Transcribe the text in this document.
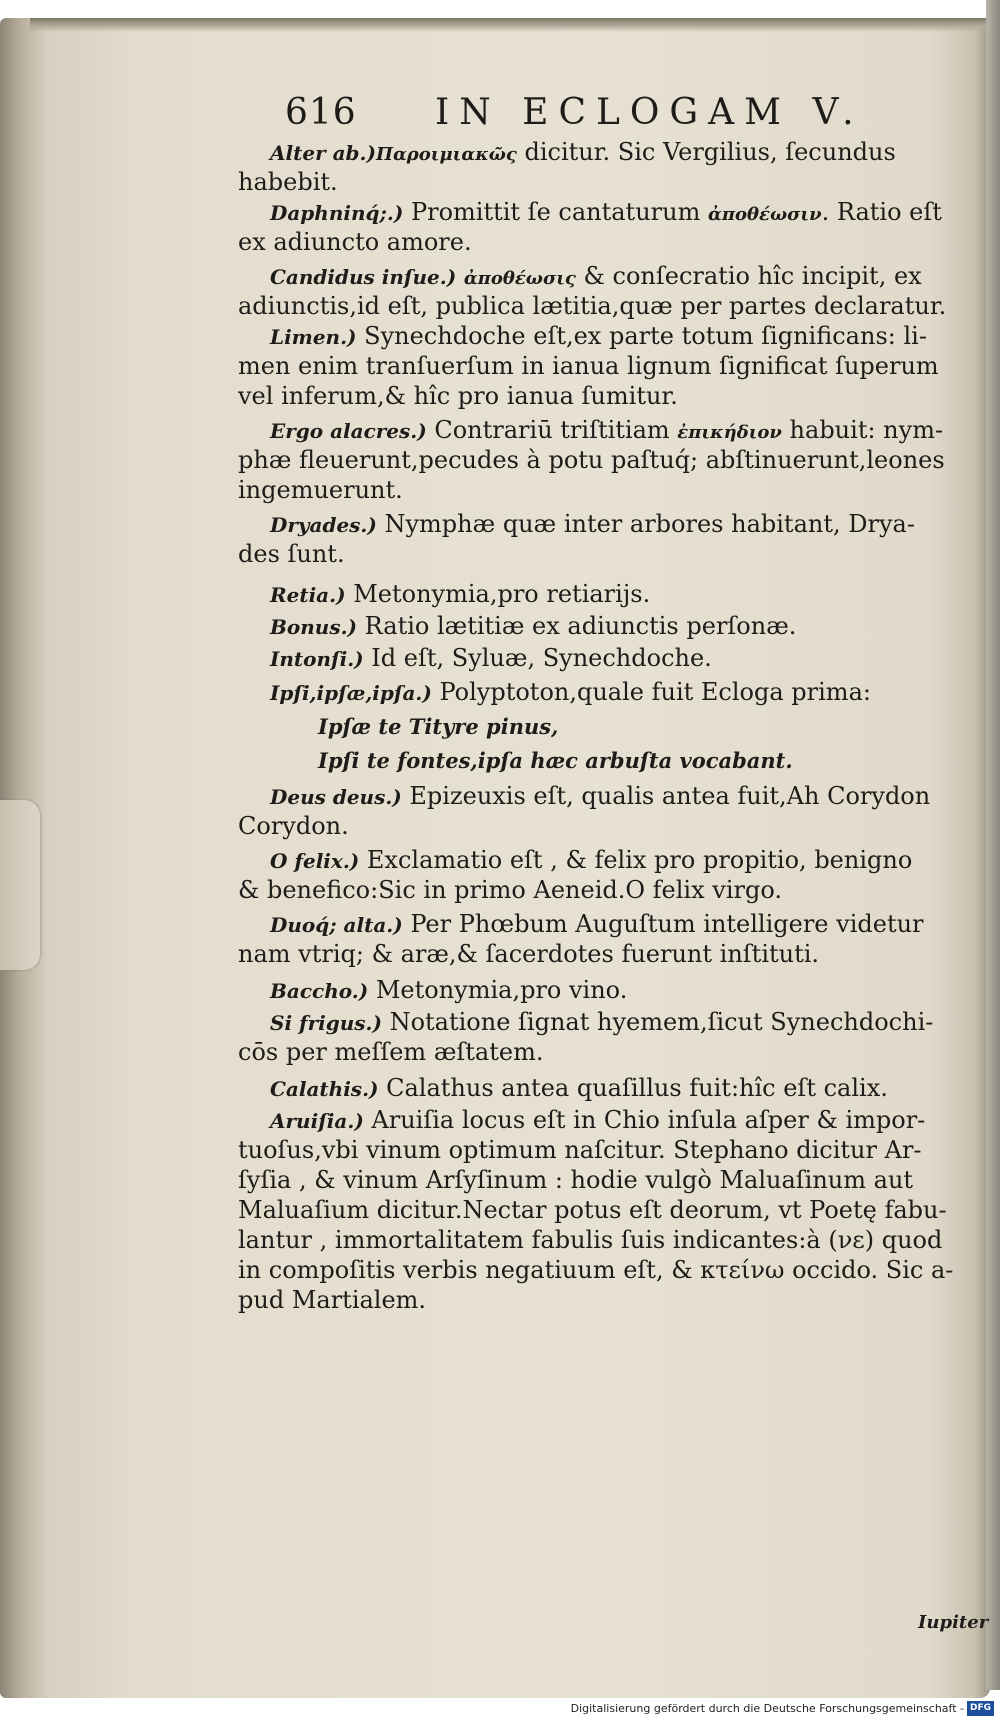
616 IN ECLOGAM V.
Alter ab.)Παροιμιακῶς dicitur. Sic Vergilius, ſecundus
habebit.
Daphninq́;.) Promittit ſe cantaturum ἀποθέωσιν. Ratio eſt
ex adiuncto amore.
Candidus inſue.) ἀποθέωσις & conſecratio hîc incipit, ex
adiunctis,id eſt, publica lætitia,quæ per partes declaratur.
Limen.) Synechdoche eſt,ex parte totum ſignificans: li-
men enim tranſuerſum in ianua lignum ſignificat ſuperum
vel inferum,& hîc pro ianua ſumitur.
Ergo alacres.) Contrariū triſtitiam ἐπικήδιον habuit: nym-
phæ fleuerunt,pecudes à potu paſtuq́; abſtinuerunt,leones
ingemuerunt.
Dryades.) Nymphæ quæ inter arbores habitant, Drya-
des ſunt.
Retia.) Metonymia,pro retiarijs.
Bonus.) Ratio lætitiæ ex adiunctis perſonæ.
Intonſi.) Id eſt, Syluæ, Synechdoche.
Ipſi,ipſæ,ipſa.) Polyptoton,quale fuit Ecloga prima:
Ipſæ te Tityre pinus,
Ipſi te fontes,ipſa hæc arbuſta vocabant.
Deus deus.) Epizeuxis eſt, qualis antea fuit,Ah Corydon
Corydon.
O felix.) Exclamatio eſt , & felix pro propitio, benigno
& benefico:Sic in primo Aeneid.O felix virgo.
Duoq́; alta.) Per Phœbum Auguſtum intelligere videtur
nam vtriq; & aræ,& ſacerdotes fuerunt inſtituti.
Baccho.) Metonymia,pro vino.
Si frigus.) Notatione ſignat hyemem,ſicut Synechdochi-
cōs per meſſem æſtatem.
Calathis.) Calathus antea quaſillus fuit:hîc eſt calix.
Aruiſia.) Aruiſia locus eſt in Chio inſula aſper & impor-
tuoſus,vbi vinum optimum naſcitur. Stephano dicitur Ar-
ſyſia , & vinum Arſyſinum : hodie vulgò Maluaſinum aut
Maluaſium dicitur.Nectar potus eſt deorum, vt Poetę fabu-
lantur , immortalitatem fabulis ſuis indicantes:à (νε) quod
in compoſitis verbis negatiuum eſt, & κτείνω occido. Sic a-
pud Martialem.
Iupiter
Digitalisierung gefördert durch die Deutsche Forschungsgemeinschaft - DFG
